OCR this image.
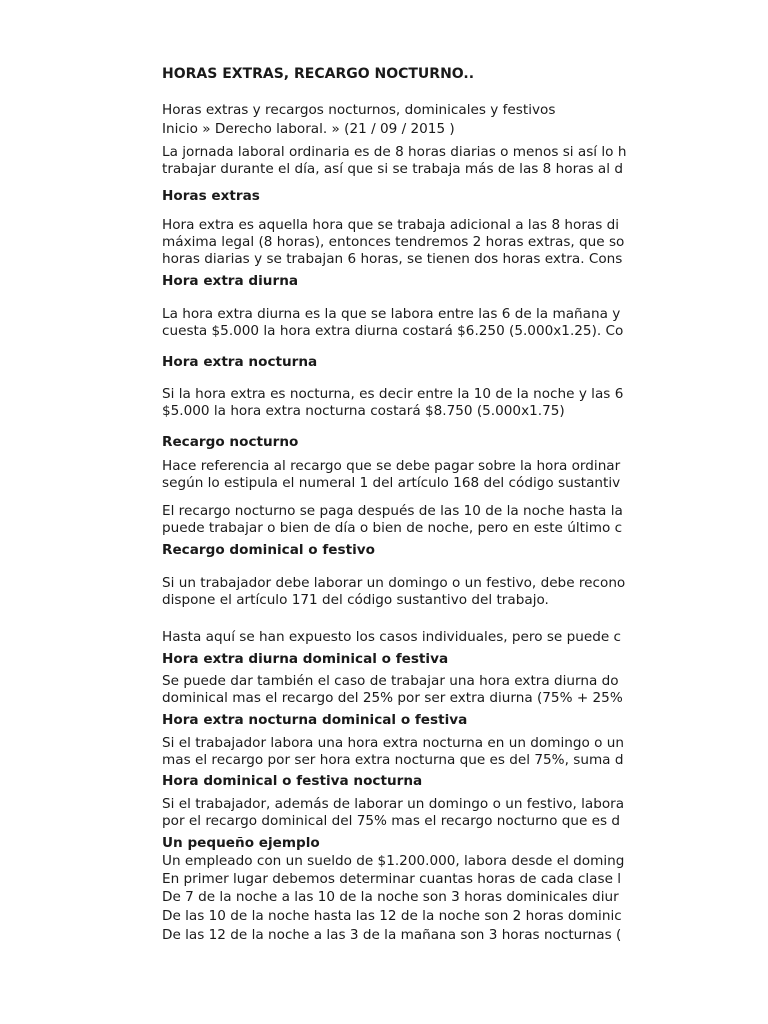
HORAS EXTRAS, RECARGO NOCTURNO..

Horas extras y recargos nocturnos, dominicales y festivos

Inicio » Derecho laboral. » (21 / 09 / 2015 )

La jornada laboral ordinaria es de 8 horas diarias o menos si así lo h

trabajar durante el día, así que si se trabaja más de las 8 horas al d

Horas extras

Hora extra es aquella hora que se trabaja adicional a las 8 horas di

máxima legal (8 horas), entonces tendremos 2 horas extras, que so

horas diarias y se trabajan 6 horas, se tienen dos horas extra. Cons

Hora extra diurna

La hora extra diurna es la que se labora entre las 6 de la mañana y

cuesta $5.000 la hora extra diurna costará $6.250 (5.000x1.25). Co

Hora extra nocturna

Si la hora extra es nocturna, es decir entre la 10 de la noche y las 6

$5.000 la hora extra nocturna costará $8.750 (5.000x1.75)

Recargo nocturno

Hace referencia al recargo que se debe pagar sobre la hora ordinar

según lo estipula el numeral 1 del artículo 168 del código sustantiv

El recargo nocturno se paga después de las 10 de la noche hasta la

puede trabajar o bien de día o bien de noche, pero en este último c

Recargo dominical o festivo

Si un trabajador debe laborar un domingo o un festivo, debe recono

dispone el artículo 171 del código sustantivo del trabajo.

Hasta aquí se han expuesto los casos individuales, pero se puede c

Hora extra diurna dominical o festiva

Se puede dar también el caso de trabajar una hora extra diurna do

dominical mas el recargo del 25% por ser extra diurna (75% + 25%

Hora extra nocturna dominical o festiva

Si el trabajador labora una hora extra nocturna en un domingo o un

mas el recargo por ser hora extra nocturna que es del 75%, suma d

Hora dominical o festiva nocturna

Si el trabajador, además de laborar un domingo o un festivo, labora

por el recargo dominical del 75% mas el recargo nocturno que es d

Un pequeño ejemplo

Un empleado con un sueldo de $1.200.000, labora desde el doming

En primer lugar debemos determinar cuantas horas de cada clase l

De 7 de la noche a las 10 de la noche son 3 horas dominicales diur

De las 10 de la noche hasta las 12 de la noche son 2 horas dominic

De las 12 de la noche a las 3 de la mañana son 3 horas nocturnas (
